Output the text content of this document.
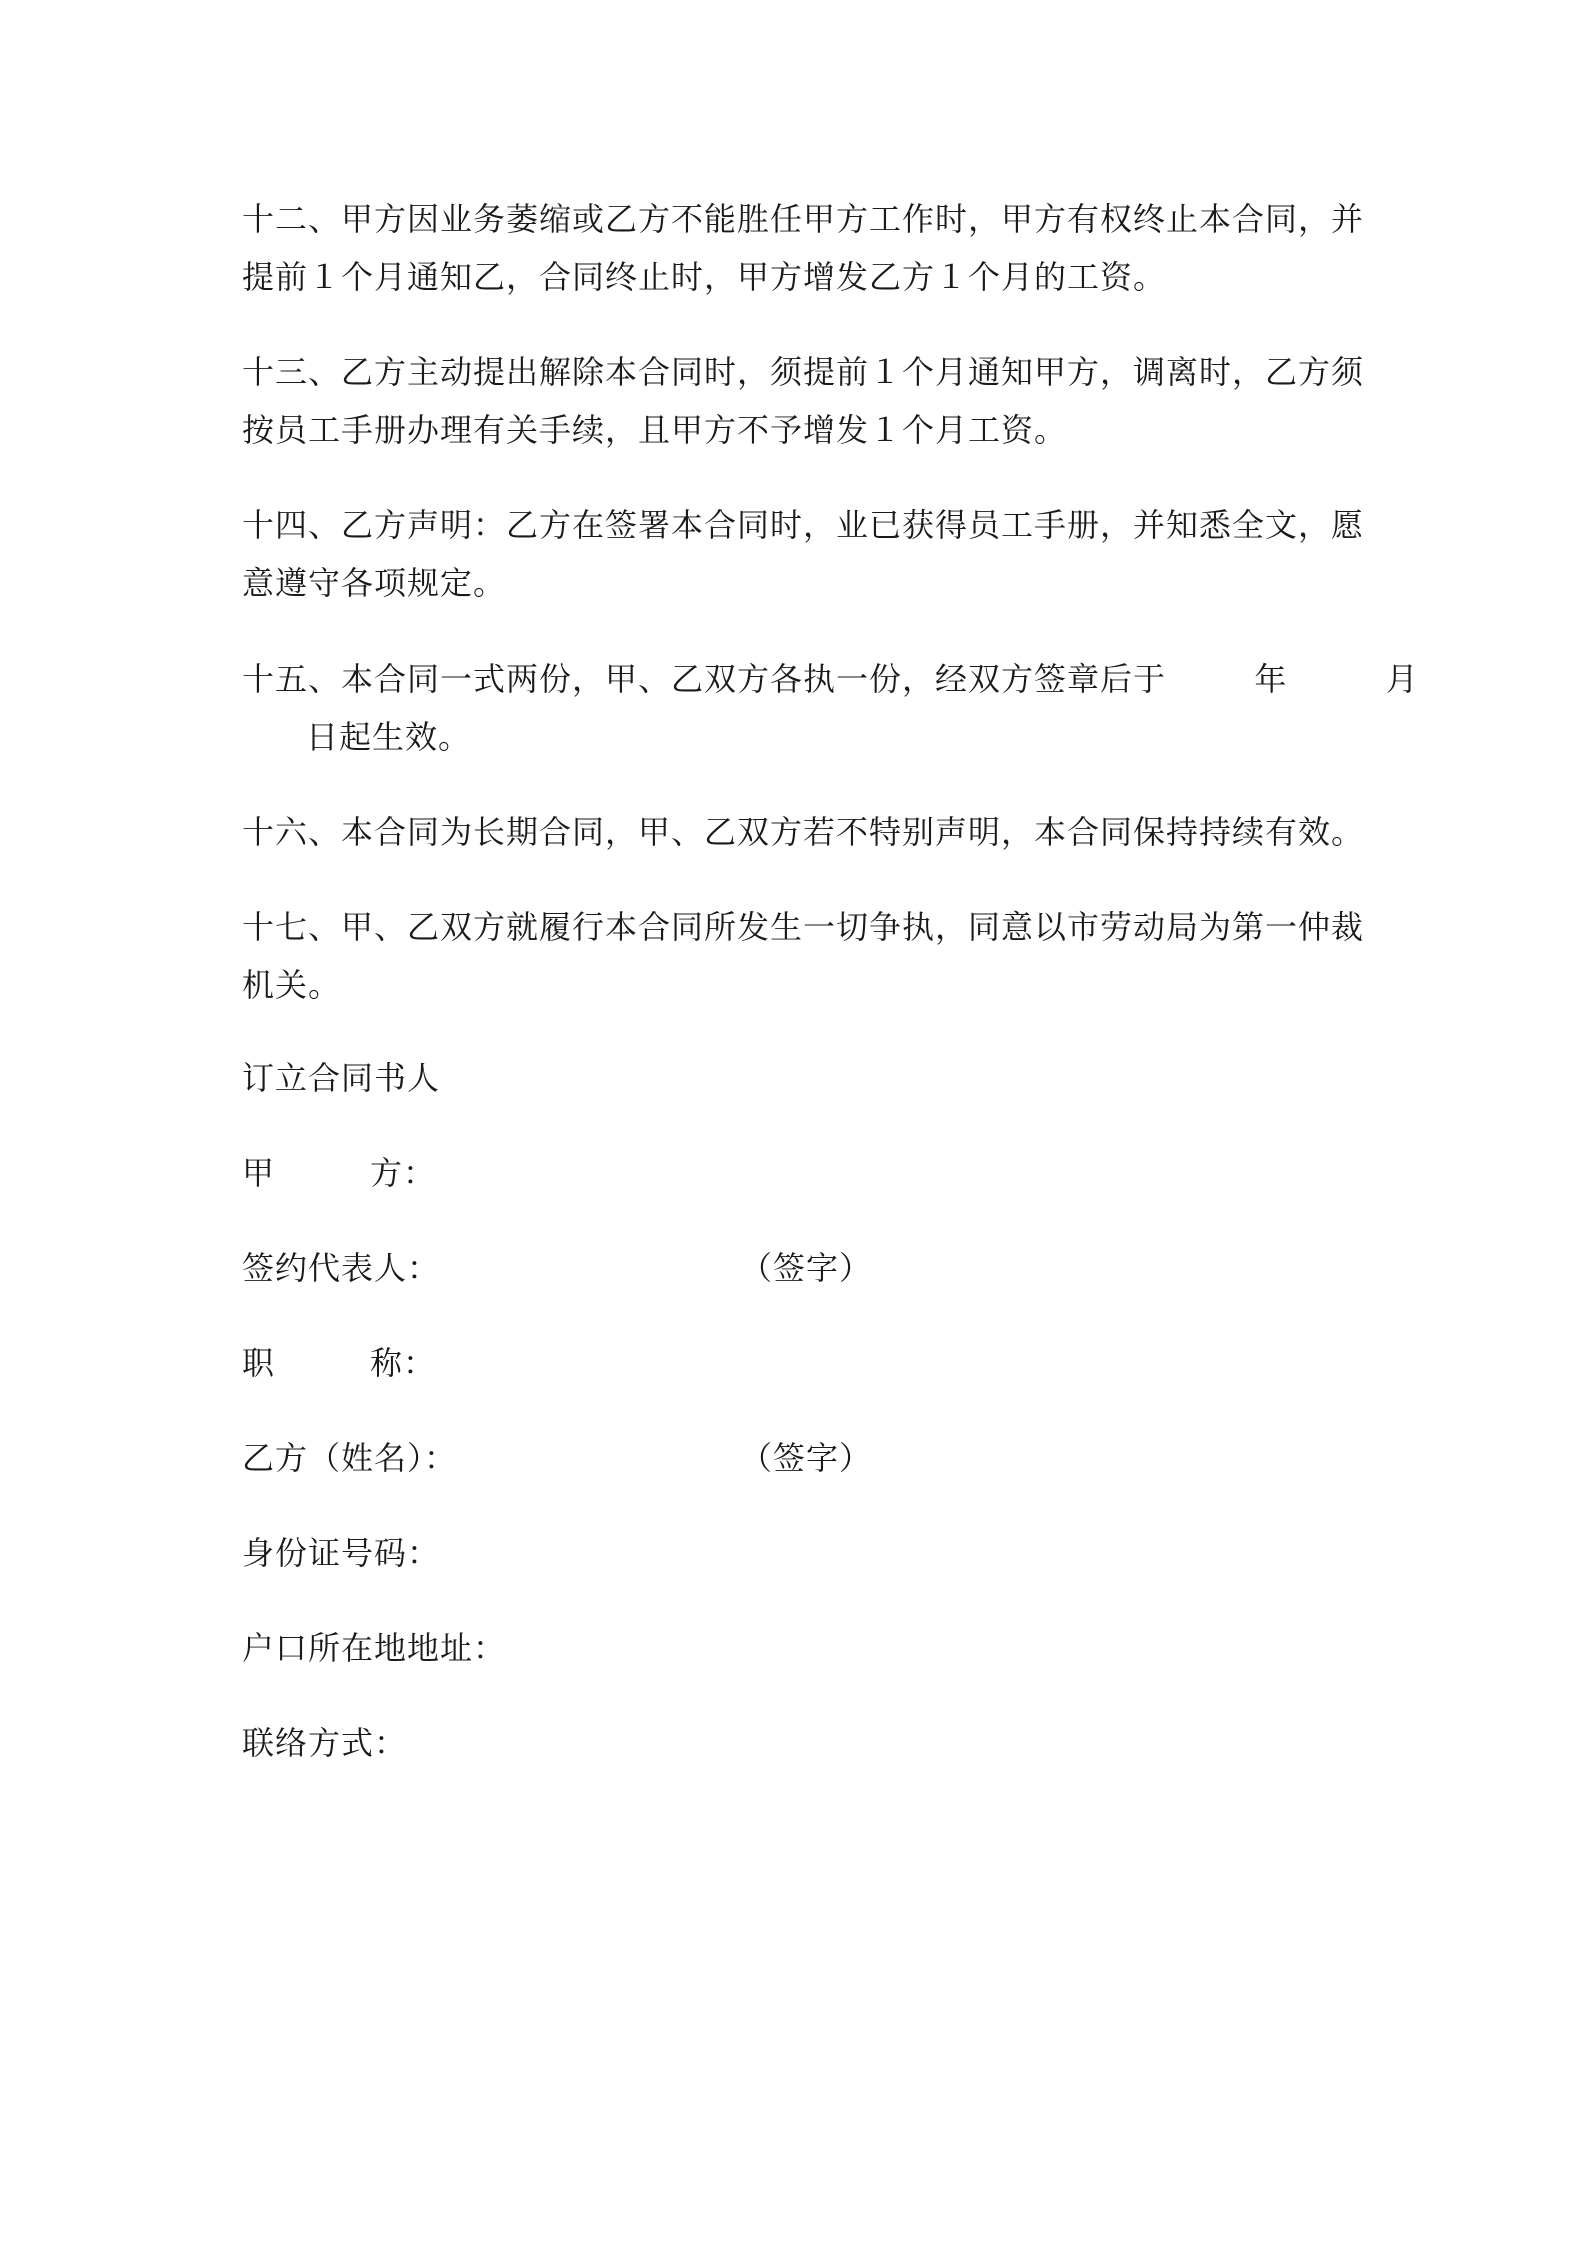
十二、甲方因业务萎缩或乙方不能胜任甲方工作时，甲方有权终止本合同，并
提前１个月通知乙，合同终止时，甲方增发乙方１个月的工资。
十三、乙方主动提出解除本合同时，须提前１个月通知甲方，调离时，乙方须
按员工手册办理有关手续，且甲方不予增发１个月工资。
十四、乙方声明：乙方在签署本合同时，业已获得员工手册，并知悉全文，愿
意遵守各项规定。
十五、本合同一式两份，甲、乙双方各执一份，经双方签章后于	年	月
日起生效。
十六、本合同为长期合同，甲、乙双方若不特别声明，本合同保持持续有效。
十七、甲、乙双方就履行本合同所发生一切争执，同意以市劳动局为第一仲裁
机关。
订立合同书人
甲	方：
签约代表人：	（签字）
职	称：
乙方（姓名）：	（签字）
身份证号码：
户口所在地地址：
联络方式：
